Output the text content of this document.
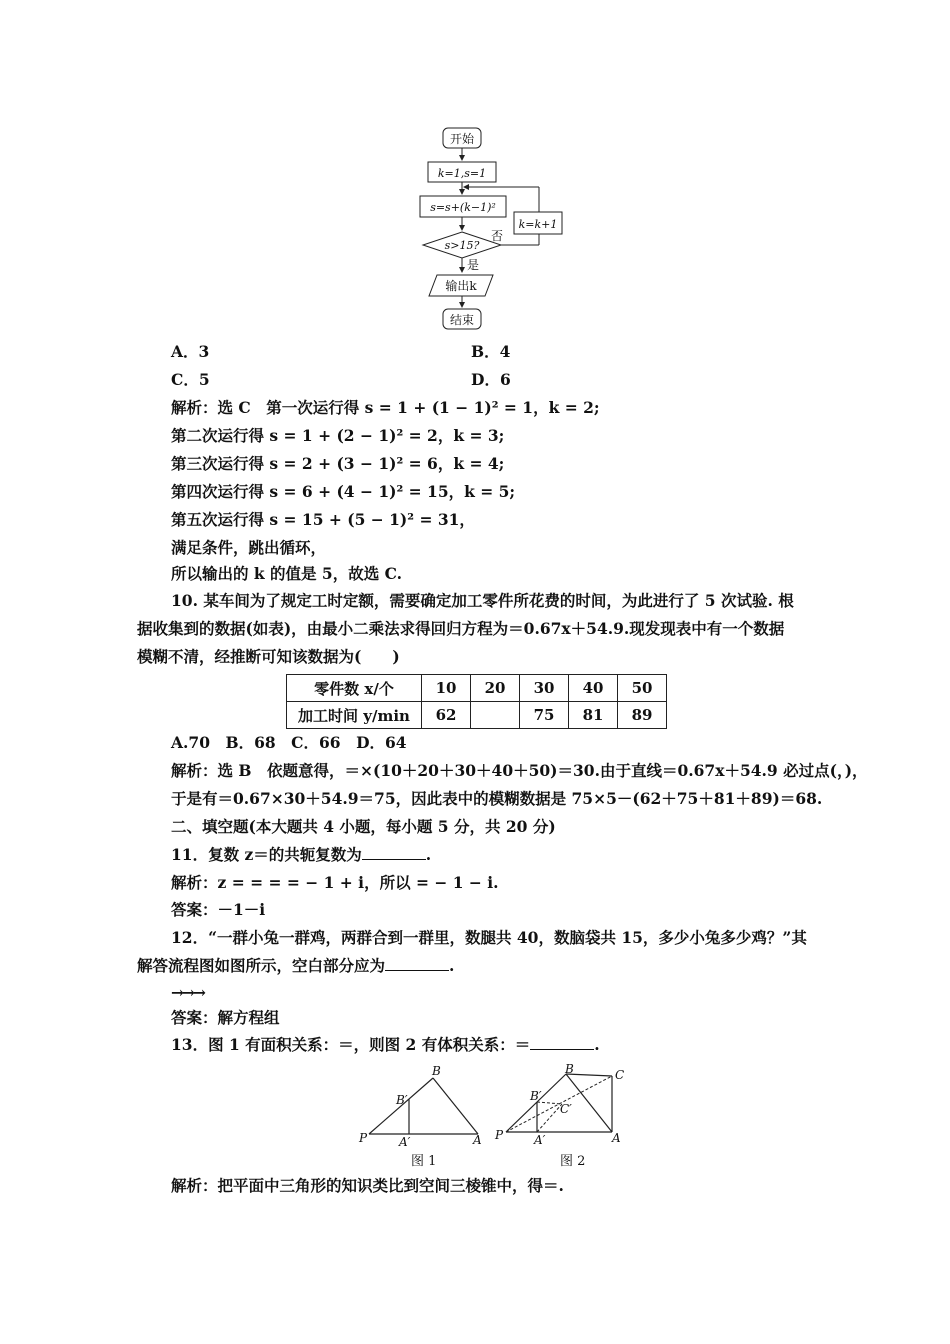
开始
k=1,s=1
s=s+(k−1)²
k=k+1
s>15?
否
是
输出k
结束
A．3	B．4
C．5	D．6
解析：选 C　第一次运行得 s = 1 + (1 − 1)² = 1，k = 2;
第二次运行得 s = 1 + (2 − 1)² = 2，k = 3;
第三次运行得 s = 2 + (3 − 1)² = 6，k = 4;
第四次运行得 s = 6 + (4 − 1)² = 15，k = 5;
第五次运行得 s = 15 + (5 − 1)² = 31，
满足条件，跳出循环，
所以输出的 k 的值是 5，故选 C.
10. 某车间为了规定工时定额，需要确定加工零件所花费的时间，为此进行了 5 次试验. 根
据收集到的数据(如表)，由最小二乘法求得回归方程为＝0.67x＋54.9.现发现表中有一个数据
模糊不清，经推断可知该数据为(　　)
零件数 x/个	10	20	30	40	50
加工时间 y/min	62		75	81	89
A.70　B．68　C．66　D．64
解析：选 B　依题意得，＝×(10＋20＋30＋40＋50)＝30.由于直线＝0.67x＋54.9 必过点(，)，
于是有＝0.67×30＋54.9＝75，因此表中的模糊数据是 75×5－(62＋75＋81＋89)＝68.
二、填空题(本大题共 4 小题，每小题 5 分，共 20 分)
11．复数 z＝的共轭复数为	.
解析：z = = = = − 1 + i，所以 = − 1 − i.
答案：－1－i
12．“一群小兔一群鸡，两群合到一群里，数腿共 40，数脑袋共 15，多少小兔多少鸡？”其
解答流程图如图所示，空白部分应为	.
→→→
答案：解方程组
13．图 1 有面积关系：＝，则图 2 有体积关系：＝	.
P	A
B
B′
A′
图 1
P	A
B	C
B′
C′
A′
图 2
解析：把平面中三角形的知识类比到空间三棱锥中，得＝.
